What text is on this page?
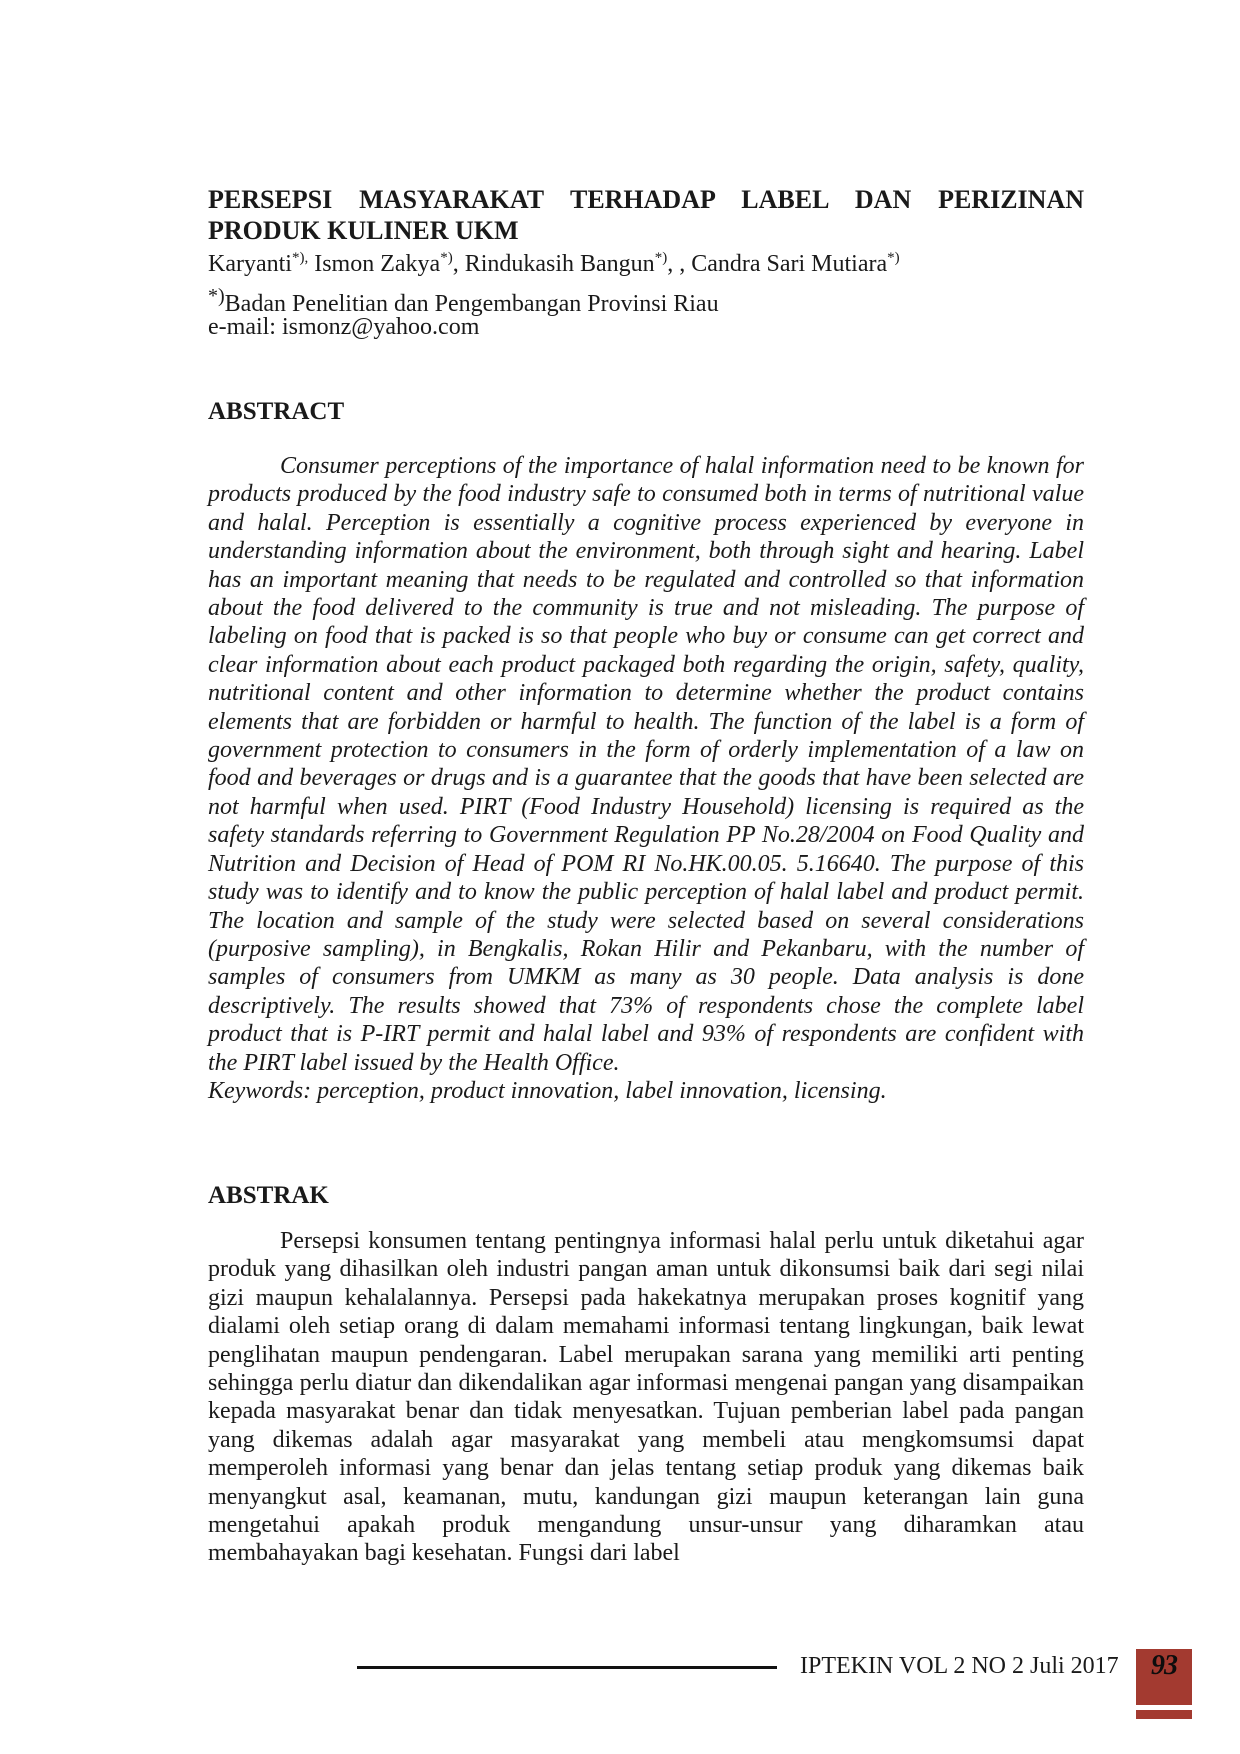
PERSEPSI MASYARAKAT TERHADAP LABEL DAN PERIZINAN
PRODUK KULINER UKM
Karyanti*), Ismon Zakya*), Rindukasih Bangun*), , Candra Sari Mutiara*)
*)Badan Penelitian dan Pengembangan Provinsi Riau
e-mail: ismonz@yahoo.com
ABSTRACT

Consumer perceptions of the importance of halal information need to be known for products produced by the food industry safe to consumed both in terms of nutritional value and halal. Perception is essentially a cognitive process experienced by everyone in understanding information about the environment, both through sight and hearing. Label has an important meaning that needs to be regulated and controlled so that information about the food delivered to the community is true and not misleading. The purpose of labeling on food that is packed is so that people who buy or consume can get correct and clear information about each product packaged both regarding the origin, safety, quality, nutritional content and other information to determine whether the product contains elements that are forbidden or harmful to health. The function of the label is a form of government protection to consumers in the form of orderly implementation of a law on food and beverages or drugs and is a guarantee that the goods that have been selected are not harmful when used. PIRT (Food Industry Household) licensing is required as the safety standards referring to Government Regulation PP No.28/2004 on Food Quality and Nutrition and Decision of Head of POM RI No.HK.00.05. 5.16640. The purpose of this study was to identify and to know the public perception of halal label and product permit. The location and sample of the study were selected based on several considerations (purposive sampling), in Bengkalis, Rokan Hilir and Pekanbaru, with the number of samples of consumers from UMKM as many as 30 people. Data analysis is done descriptively. The results showed that 73% of respondents chose the complete label product that is P-IRT permit and halal label and 93% of respondents are confident with the PIRT label issued by the Health Office.

Keywords: perception, product innovation, label innovation, licensing.

ABSTRAK

Persepsi konsumen tentang pentingnya informasi halal perlu untuk diketahui agar produk yang dihasilkan oleh industri pangan aman untuk dikonsumsi baik dari segi nilai gizi maupun kehalalannya. Persepsi pada hakekatnya merupakan proses kognitif yang dialami oleh setiap orang di dalam memahami informasi tentang lingkungan, baik lewat penglihatan maupun pendengaran. Label merupakan sarana yang memiliki arti penting sehingga perlu diatur dan dikendalikan agar informasi mengenai pangan yang disampaikan kepada masyarakat benar dan tidak menyesatkan. Tujuan pemberian label pada pangan yang dikemas adalah agar masyarakat yang membeli atau mengkomsumsi dapat memperoleh informasi yang benar dan jelas tentang setiap produk yang dikemas baik menyangkut asal, keamanan, mutu, kandungan gizi maupun keterangan lain guna mengetahui apakah produk mengandung unsur-unsur yang diharamkan atau membahayakan bagi kesehatan. Fungsi dari label

IPTEKIN VOL 2 NO 2 Juli 2017	93
